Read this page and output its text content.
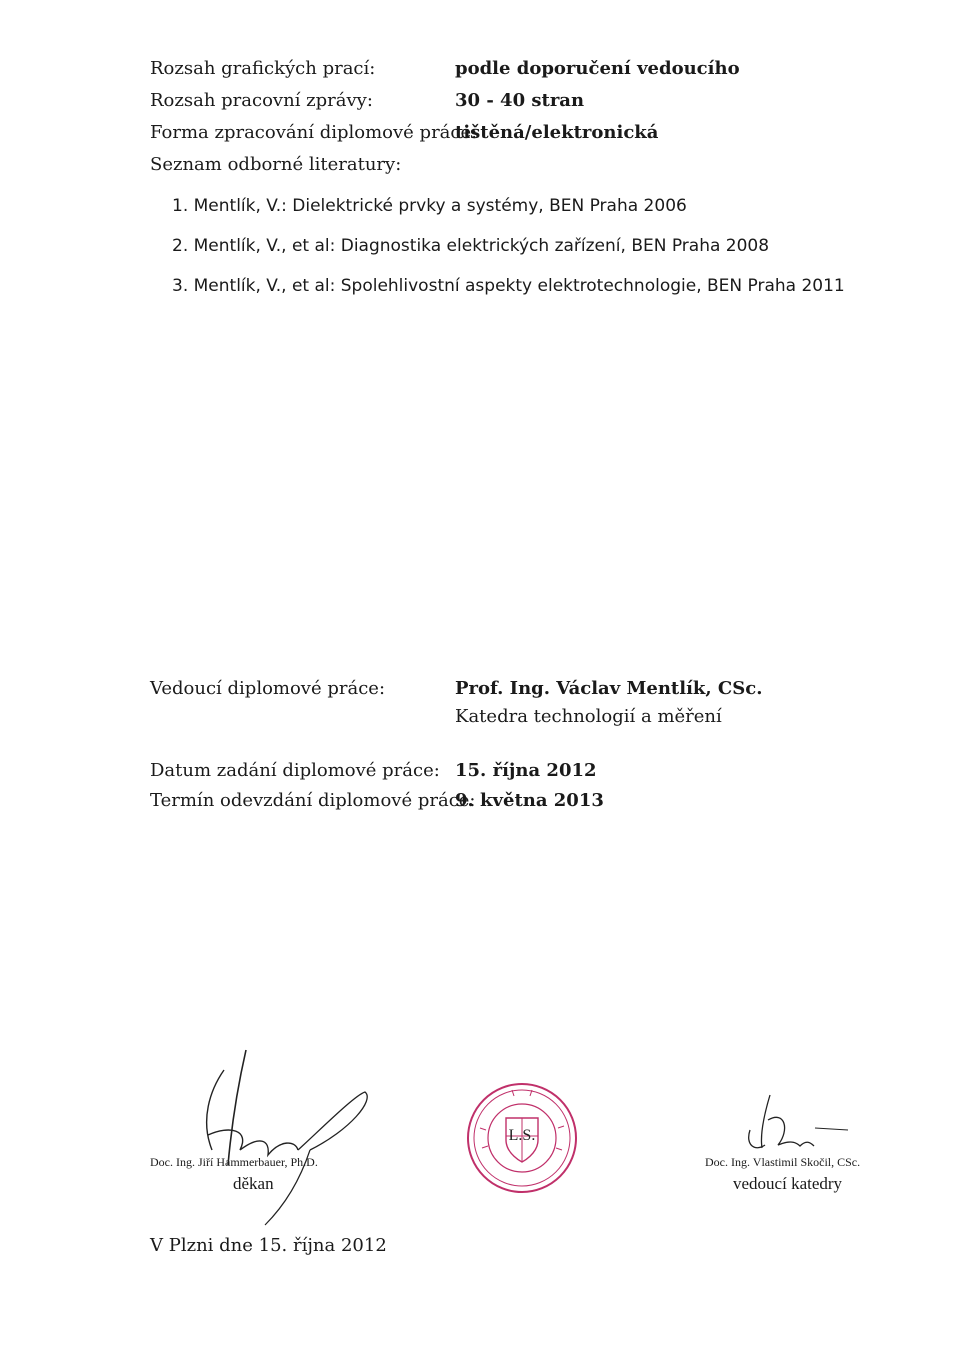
Rozsah grafických prací:	podle doporučení vedoucího
Rozsah pracovní zprávy:	30 - 40 stran
Forma zpracování diplomové práce:
tištěná/elektronická
Seznam odborné literatury:
1. Mentlík, V.: Dielektrické prvky a systémy, BEN Praha 2006
2. Mentlík, V., et al: Diagnostika elektrických zařízení, BEN Praha 2008
3. Mentlík, V., et al: Spolehlivostní aspekty elektrotechnologie, BEN Praha 2011
Vedoucí diplomové práce:	Prof. Ing. Václav Mentlík, CSc.
Katedra technologií a měření
Datum zadání diplomové práce: 15. října 2012
Termín odevzdání diplomové práce:
9. května 2013
L.S.
Doc. Ing. Jiří Hammerbauer, Ph.D.
děkan
Doc. Ing. Vlastimil Skočil, CSc.
vedoucí katedry
V Plzni dne 15. října 2012
